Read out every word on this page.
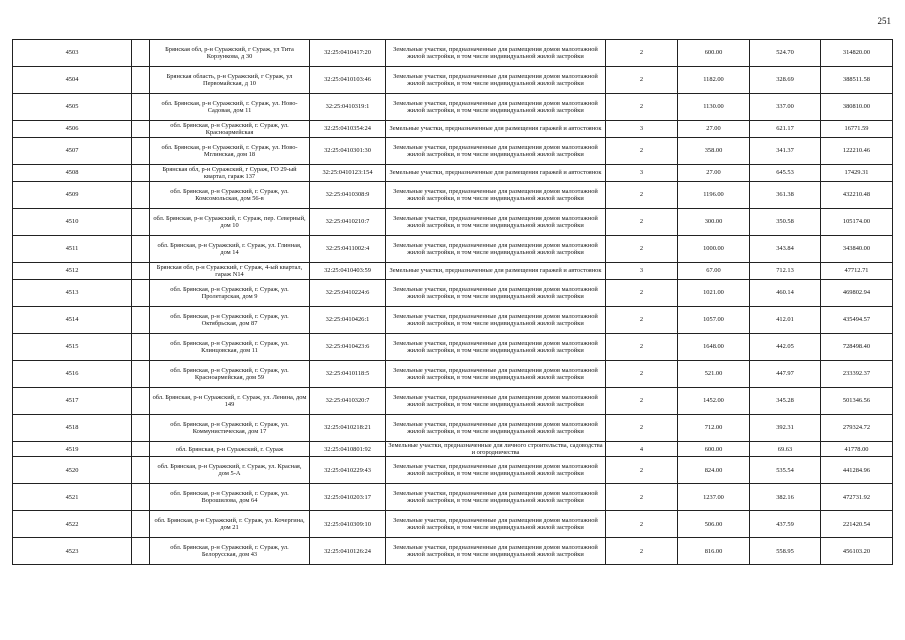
251
4503		Брянская обл, р-н Суражский, г Сураж, ул Тита Корзункова, д 30	32:25:0410417:20	Земельные участки, предназначенные для размещения домов малоэтажной жилой застройки, в том числе индивидуальной жилой застройки	2	600.00	524.70	314820.00
4504		Брянская область, р-н Суражский, г Сураж, ул Первомайская, д 10	32:25:0410103:46	Земельные участки, предназначенные для размещения домов малоэтажной жилой застройки, в том числе индивидуальной жилой застройки	2	1182.00	328.69	388511.58
4505		обл. Брянская, р-н Суражский, г. Сураж, ул. Ново-Садовая, дом 11	32:25:0410319:1	Земельные участки, предназначенные для размещения домов малоэтажной жилой застройки, в том числе индивидуальной жилой застройки	2	1130.00	337.00	380810.00
4506		обл. Брянская, р-н Суражский, г. Сураж, ул. Красноармейская	32:25:0410354:24	Земельные участки, предназначенные для размещения гаражей и автостоянок	3	27.00	621.17	16771.59
4507		обл. Брянская, р-н Суражский, г. Сураж, ул. Ново-Мглинская, дом 18	32:25:0410301:30	Земельные участки, предназначенные для размещения домов малоэтажной жилой застройки, в том числе индивидуальной жилой застройки	2	358.00	341.37	122210.46
4508		Брянская обл, р-н Суражский, г Сураж, ГО 29-ый квартал, гараж 137	32:25:0410123:154	Земельные участки, предназначенные для размещения гаражей и автостоянок	3	27.00	645.53	17429.31
4509		обл. Брянская, р-н Суражский, г. Сураж, ул. Комсомольская, дом 56-в	32:25:0410308:9	Земельные участки, предназначенные для размещения домов малоэтажной жилой застройки, в том числе индивидуальной жилой застройки	2	1196.00	361.38	432210.48
4510		обл. Брянская, р-н Суражский, г. Сураж, пер. Северный, дом 10	32:25:0410210:7	Земельные участки, предназначенные для размещения домов малоэтажной жилой застройки, в том числе индивидуальной жилой застройки	2	300.00	350.58	105174.00
4511		обл. Брянская, р-н Суражский, г. Сураж, ул. Глинная, дом 14	32:25:0411002:4	Земельные участки, предназначенные для размещения домов малоэтажной жилой застройки, в том числе индивидуальной жилой застройки	2	1000.00	343.84	343840.00
4512		Брянская обл, р-н Суражский, г Сураж, 4-ый квартал, гараж N14	32:25:0410403:59	Земельные участки, предназначенные для размещения гаражей и автостоянок	3	67.00	712.13	47712.71
4513		обл. Брянская, р-н Суражский, г. Сураж, ул. Пролетарская, дом 9	32:25:0410224:6	Земельные участки, предназначенные для размещения домов малоэтажной жилой застройки, в том числе индивидуальной жилой застройки	2	1021.00	460.14	469802.94
4514		обл. Брянская, р-н Суражский, г. Сураж, ул. Октябрьская, дом 87	32:25:0410426:1	Земельные участки, предназначенные для размещения домов малоэтажной жилой застройки, в том числе индивидуальной жилой застройки	2	1057.00	412.01	435494.57
4515		обл. Брянская, р-н Суражский, г. Сураж, ул. Клинцовская, дом 11	32:25:0410423:6	Земельные участки, предназначенные для размещения домов малоэтажной жилой застройки, в том числе индивидуальной жилой застройки	2	1648.00	442.05	728498.40
4516		обл. Брянская, р-н Суражский, г. Сураж, ул. Красноармейская, дом 59	32:25:0410118:5	Земельные участки, предназначенные для размещения домов малоэтажной жилой застройки, в том числе индивидуальной жилой застройки	2	521.00	447.97	233392.37
4517		обл. Брянская, р-н Суражский, г. Сураж, ул. Ленина, дом 149	32:25:0410320:7	Земельные участки, предназначенные для размещения домов малоэтажной жилой застройки, в том числе индивидуальной жилой застройки	2	1452.00	345.28	501346.56
4518		обл. Брянская, р-н Суражский, г. Сураж, ул. Коммунистическая, дом 17	32:25:0410218:21	Земельные участки, предназначенные для размещения домов малоэтажной жилой застройки, в том числе индивидуальной жилой застройки	2	712.00	392.31	279324.72
4519		обл. Брянская, р-н Суражский, г. Сураж	32:25:0410801:92	Земельные участки, предназначенные для личного строительства, садоводства и огородничества	4	600.00	69.63	41778.00
4520		обл. Брянская, р-н Суражский, г. Сураж, ул. Красная, дом 5-А	32:25:0410229:43	Земельные участки, предназначенные для размещения домов малоэтажной жилой застройки, в том числе индивидуальной жилой застройки	2	824.00	535.54	441284.96
4521		обл. Брянская, р-н Суражский, г. Сураж, ул. Ворошилова, дом 64	32:25:0410203:17	Земельные участки, предназначенные для размещения домов малоэтажной жилой застройки, в том числе индивидуальной жилой застройки	2	1237.00	382.16	472731.92
4522		обл. Брянская, р-н Суражский, г. Сураж, ул. Кочергина, дом 21	32:25:0410309:10	Земельные участки, предназначенные для размещения домов малоэтажной жилой застройки, в том числе индивидуальной жилой застройки	2	506.00	437.59	221420.54
4523		обл. Брянская, р-н Суражский, г. Сураж, ул. Белорусская, дом 43	32:25:0410126:24	Земельные участки, предназначенные для размещения домов малоэтажной жилой застройки, в том числе индивидуальной жилой застройки	2	816.00	558.95	456103.20
